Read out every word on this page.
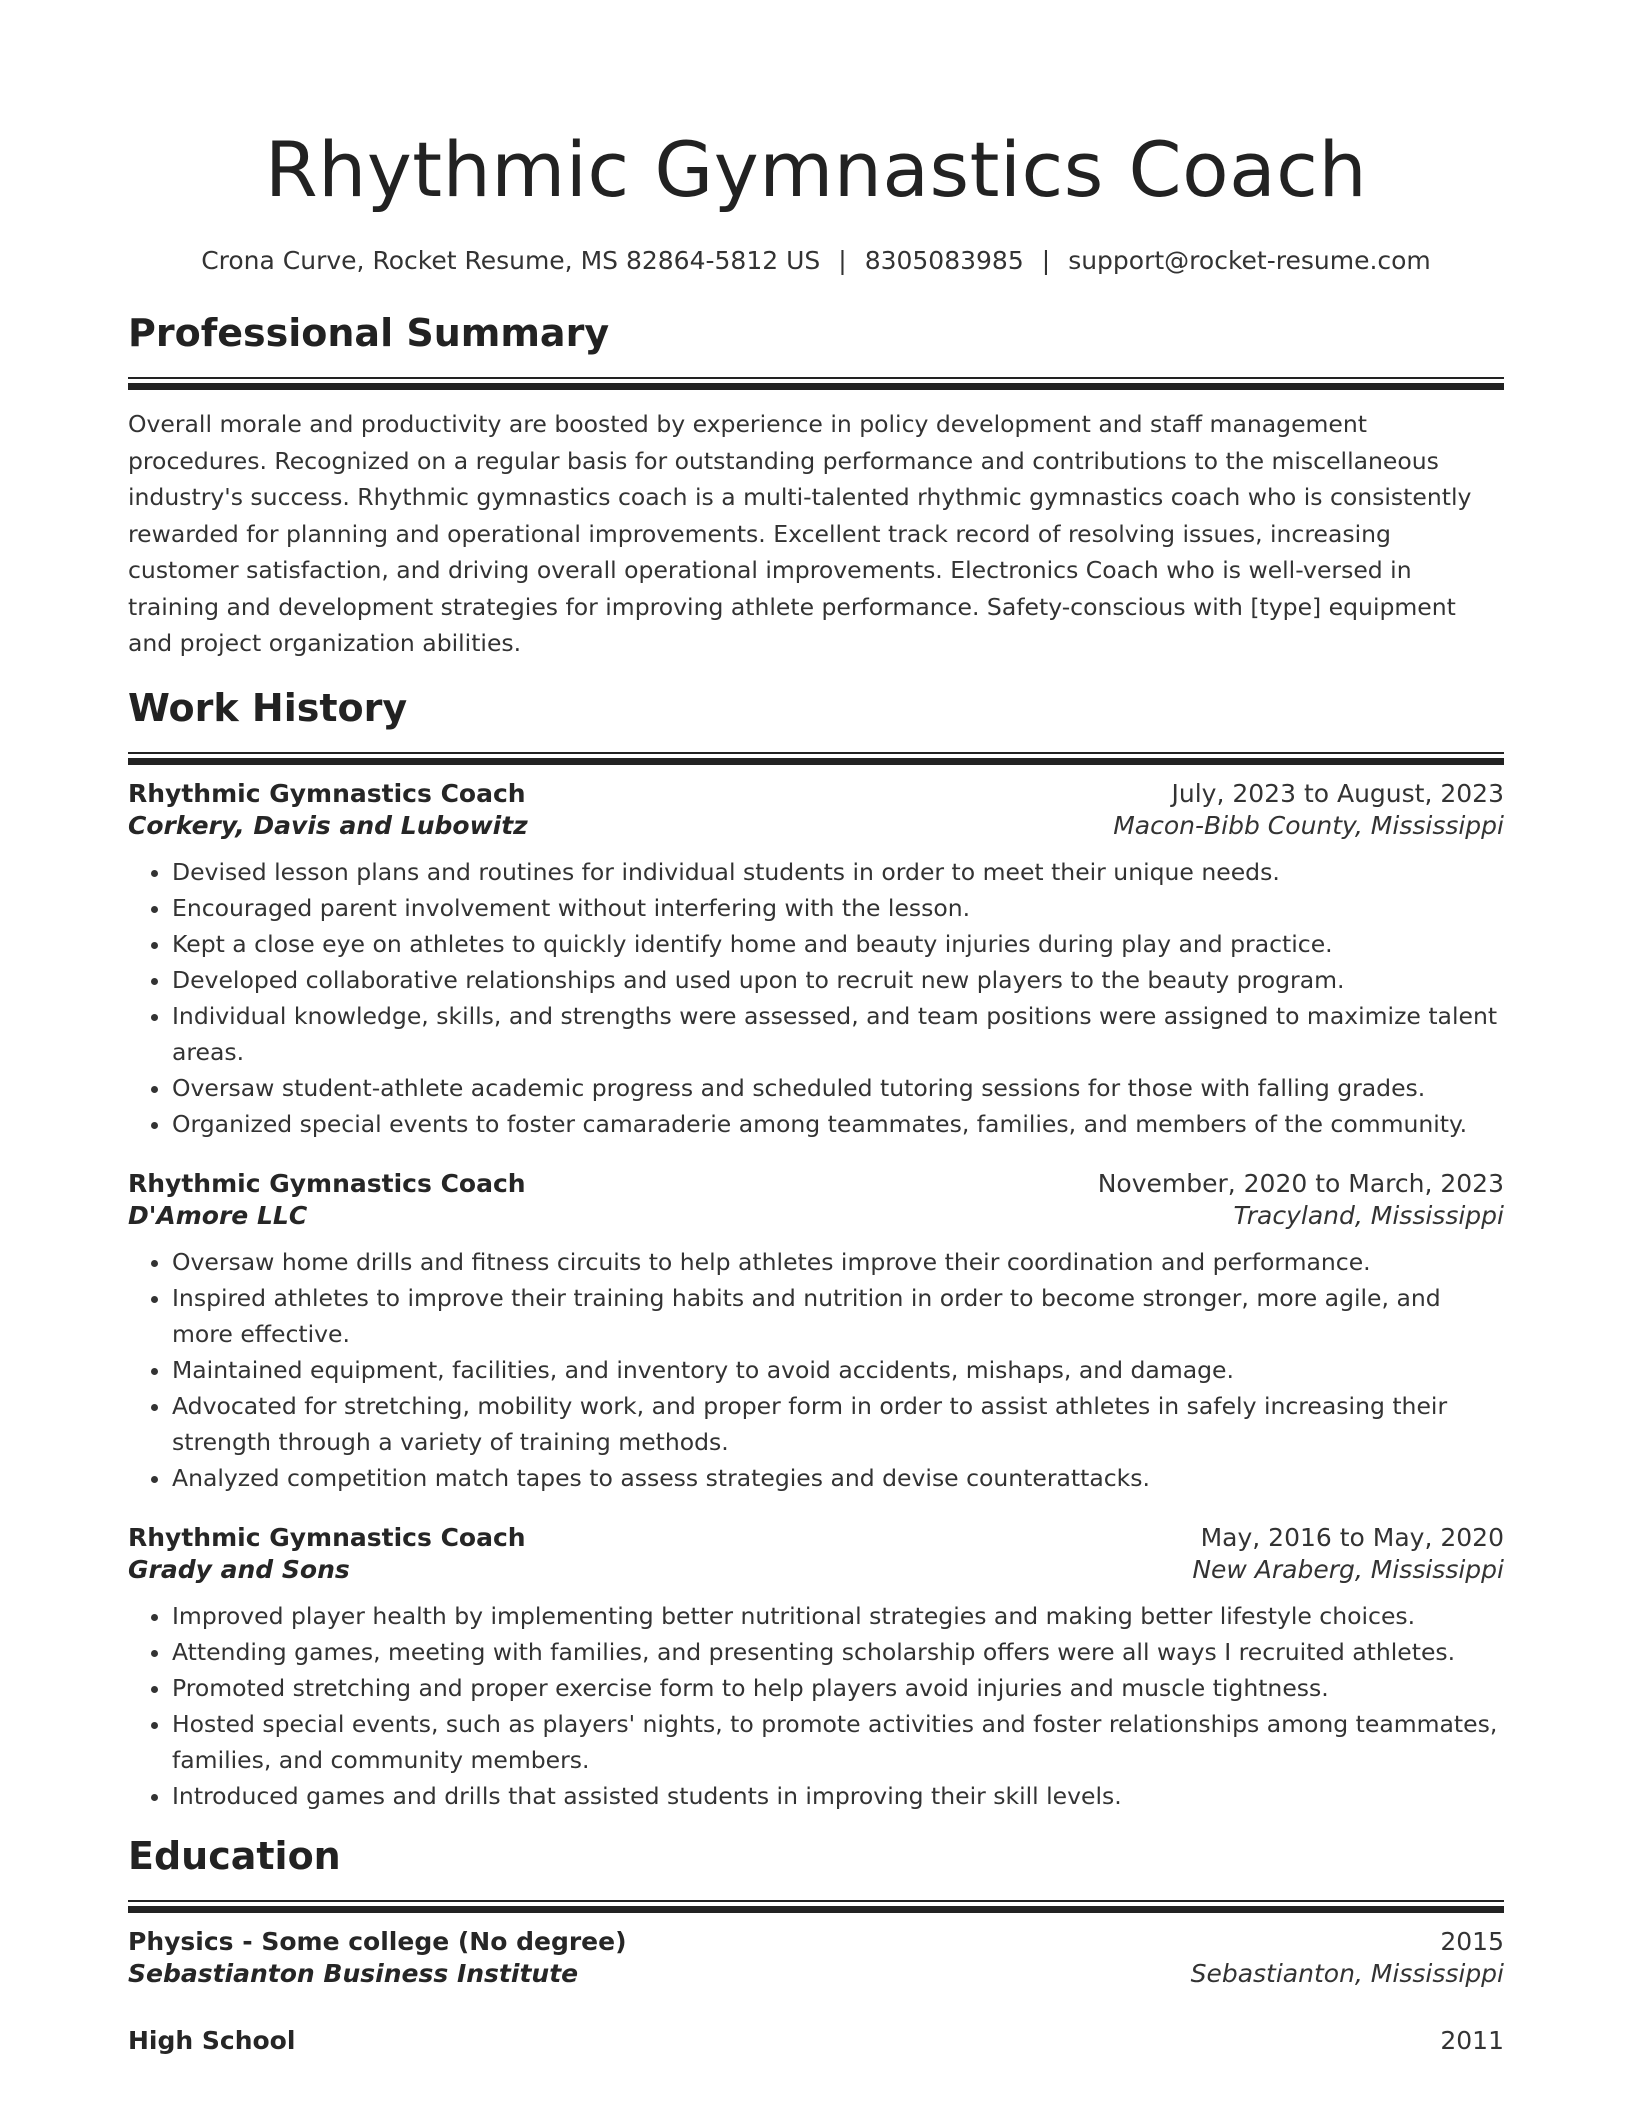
Rhythmic Gymnastics Coach
Crona Curve, Rocket Resume, MS 82864-5812 US | 8305083985 | support@rocket-resume.com
Professional Summary

Overall morale and productivity are boosted by experience in policy development and staff management procedures. Recognized on a regular basis for outstanding performance and contributions to the miscellaneous industry's success. Rhythmic gymnastics coach is a multi-talented rhythmic gymnastics coach who is consistently rewarded for planning and operational improvements. Excellent track record of resolving issues, increasing customer satisfaction, and driving overall operational improvements. Electronics Coach who is well-versed in training and development strategies for improving athlete performance. Safety-conscious with [type] equipment and project organization abilities.

Work History
Rhythmic Gymnastics Coach	July, 2023 to August, 2023
Corkery, Davis and Lubowitz	Macon-Bibb County, Mississippi
• Devised lesson plans and routines for individual students in order to meet their unique needs.
• Encouraged parent involvement without interfering with the lesson.
• Kept a close eye on athletes to quickly identify home and beauty injuries during play and practice.
• Developed collaborative relationships and used upon to recruit new players to the beauty program.
• Individual knowledge, skills, and strengths were assessed, and team positions were assigned to maximize talent areas.
• Oversaw student-athlete academic progress and scheduled tutoring sessions for those with falling grades.
• Organized special events to foster camaraderie among teammates, families, and members of the community.
Rhythmic Gymnastics Coach	November, 2020 to March, 2023
D'Amore LLC	Tracyland, Mississippi
• Oversaw home drills and fitness circuits to help athletes improve their coordination and performance.
• Inspired athletes to improve their training habits and nutrition in order to become stronger, more agile, and more effective.
• Maintained equipment, facilities, and inventory to avoid accidents, mishaps, and damage.
• Advocated for stretching, mobility work, and proper form in order to assist athletes in safely increasing their strength through a variety of training methods.
• Analyzed competition match tapes to assess strategies and devise counterattacks.
Rhythmic Gymnastics Coach	May, 2016 to May, 2020
Grady and Sons	New Araberg, Mississippi
• Improved player health by implementing better nutritional strategies and making better lifestyle choices.
• Attending games, meeting with families, and presenting scholarship offers were all ways I recruited athletes.
• Promoted stretching and proper exercise form to help players avoid injuries and muscle tightness.
• Hosted special events, such as players' nights, to promote activities and foster relationships among teammates, families, and community members.
• Introduced games and drills that assisted students in improving their skill levels.
Education
Physics - Some college (No degree)	2015
Sebastianton Business Institute	Sebastianton, Mississippi
High School	2011
